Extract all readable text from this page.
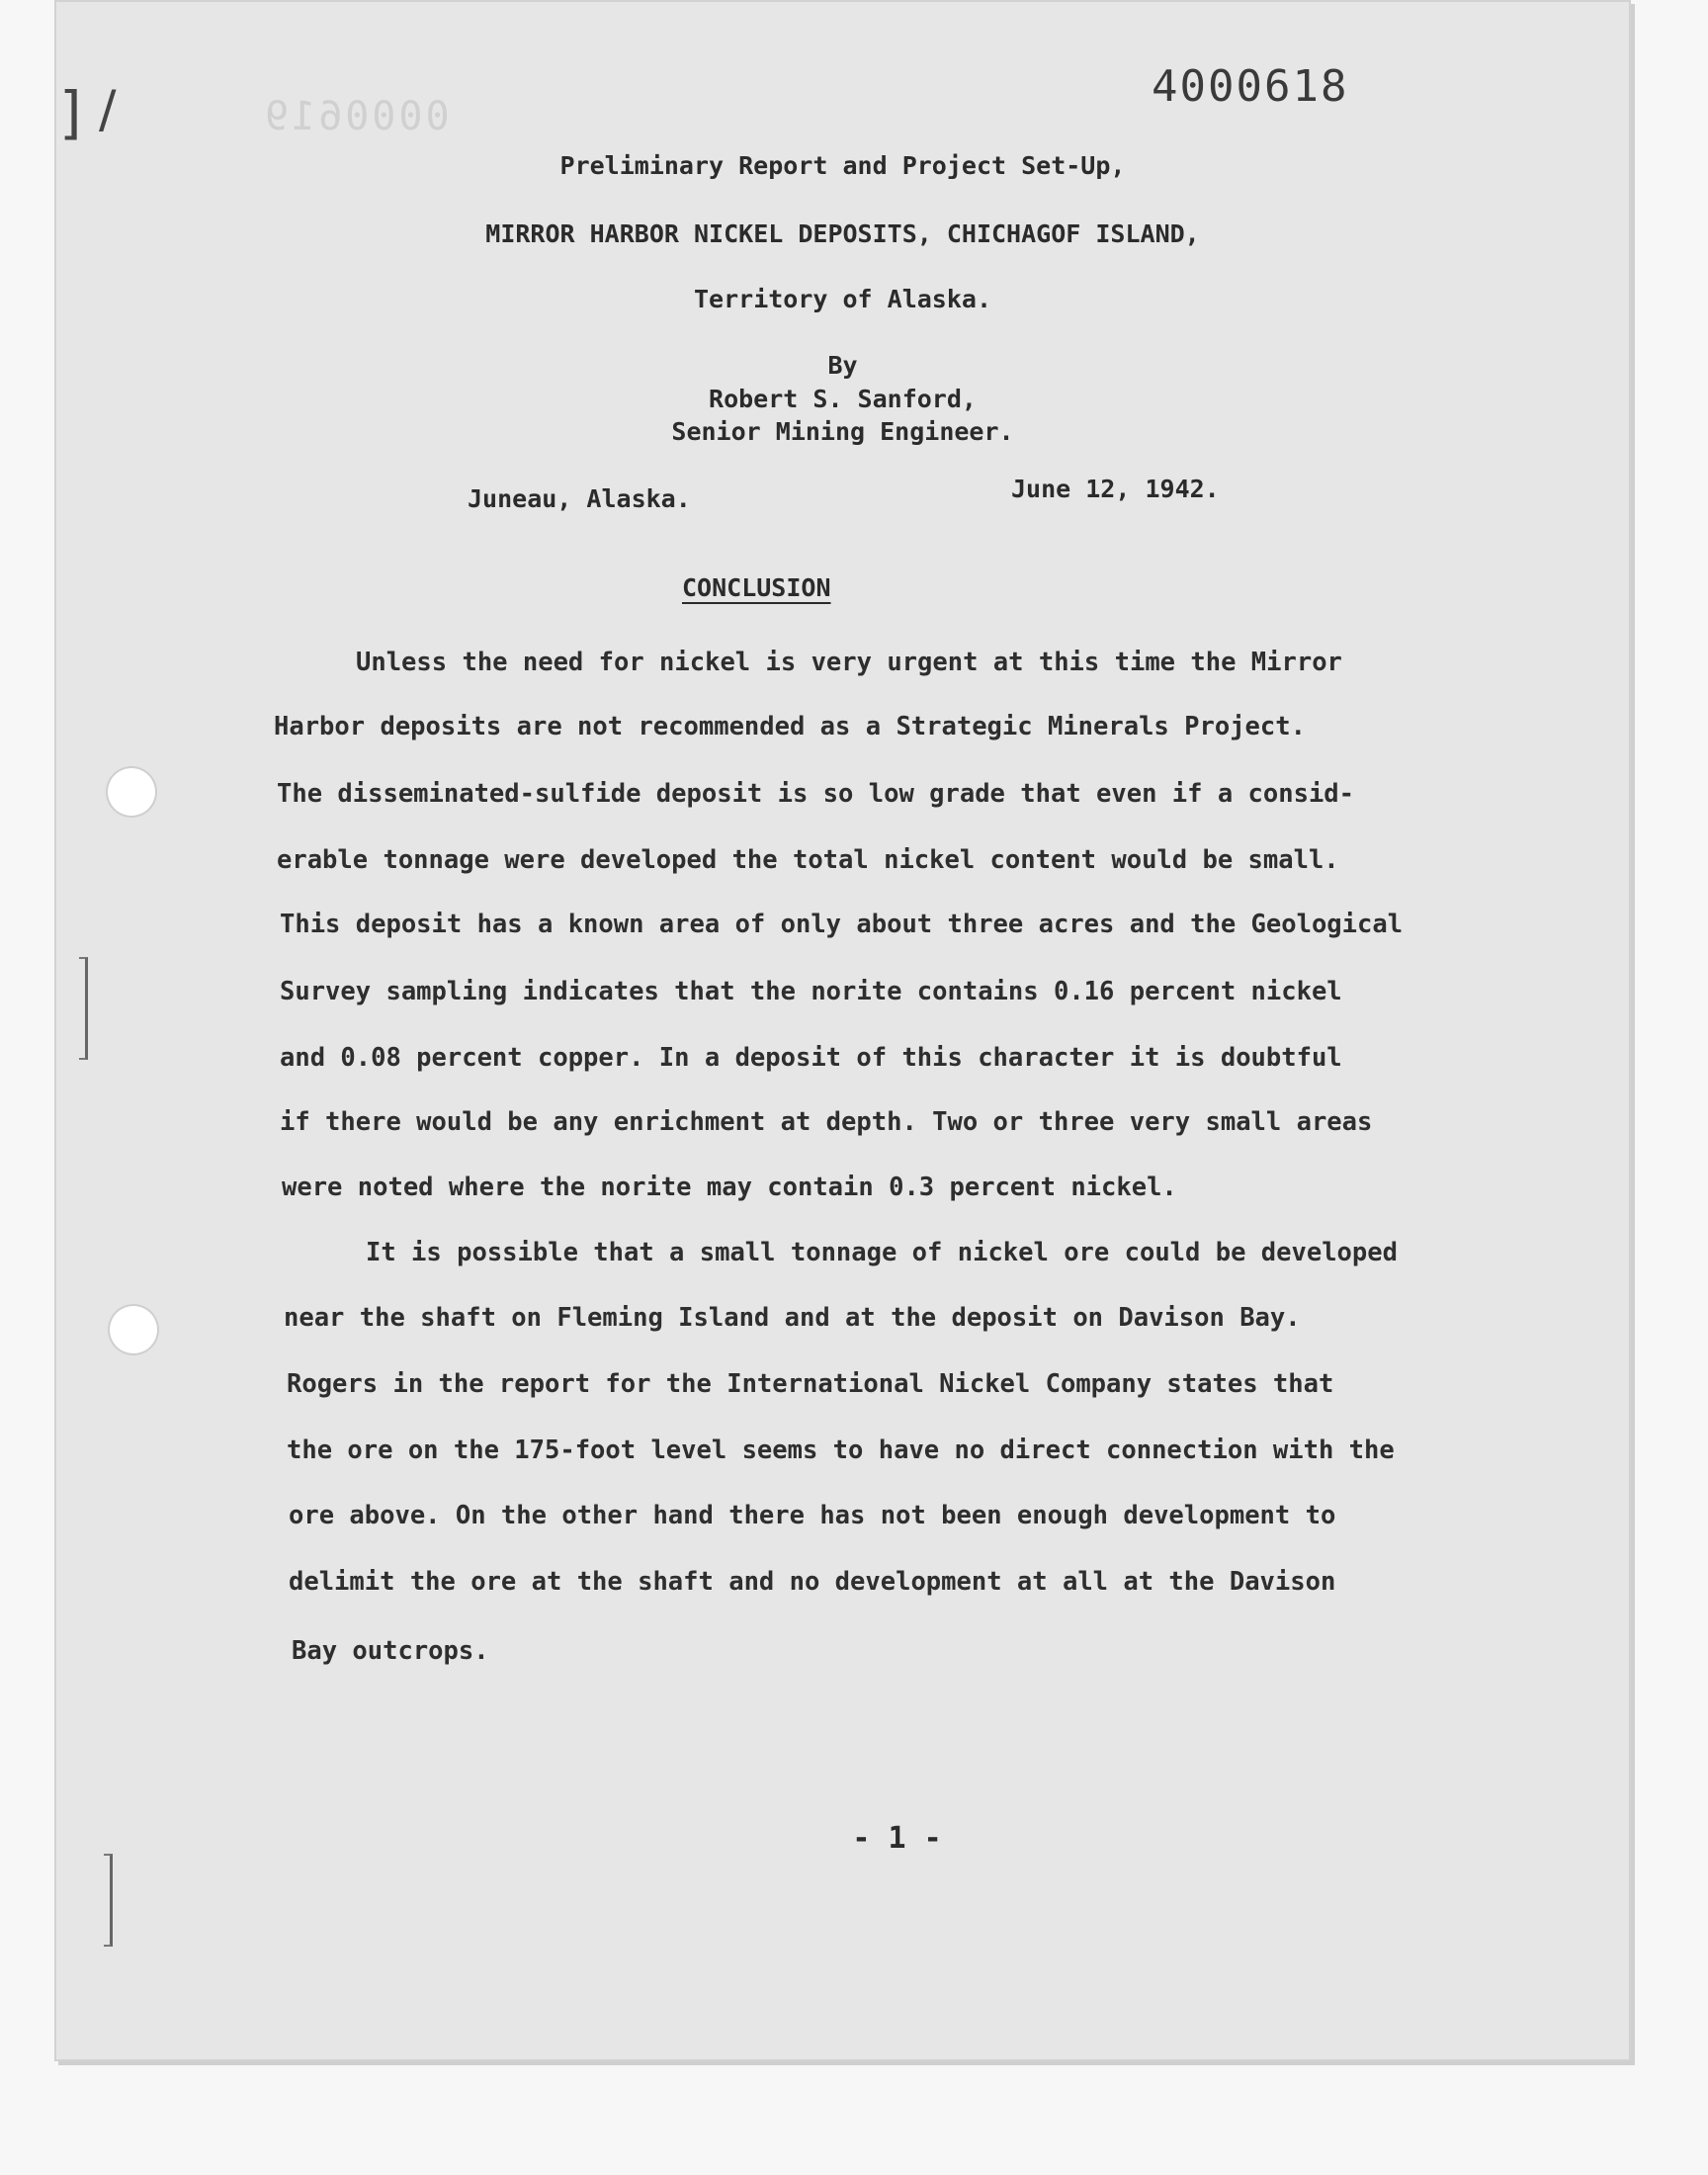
0000619
4000618
] /
Preliminary Report and Project Set-Up,
MIRROR HARBOR NICKEL DEPOSITS, CHICHAGOF ISLAND,
Territory of Alaska.
By
Robert S. Sanford,
Senior Mining Engineer.
Juneau, Alaska.	June 12, 1942.
CONCLUSION
Unless the need for nickel is very urgent at this time the Mirror
Harbor deposits are not recommended as a Strategic Minerals Project.
The disseminated-sulfide deposit is so low grade that even if a consid-
erable tonnage were developed the total nickel content would be small.
This deposit has a known area of only about three acres and the Geological
Survey sampling indicates that the norite contains 0.16 percent nickel
and 0.08 percent copper. In a deposit of this character it is doubtful
if there would be any enrichment at depth. Two or three very small areas
were noted where the norite may contain 0.3 percent nickel.
It is possible that a small tonnage of nickel ore could be developed
near the shaft on Fleming Island and at the deposit on Davison Bay.
Rogers in the report for the International Nickel Company states that
the ore on the 175-foot level seems to have no direct connection with the
ore above. On the other hand there has not been enough development to
delimit the ore at the shaft and no development at all at the Davison
Bay outcrops.
- 1 -
